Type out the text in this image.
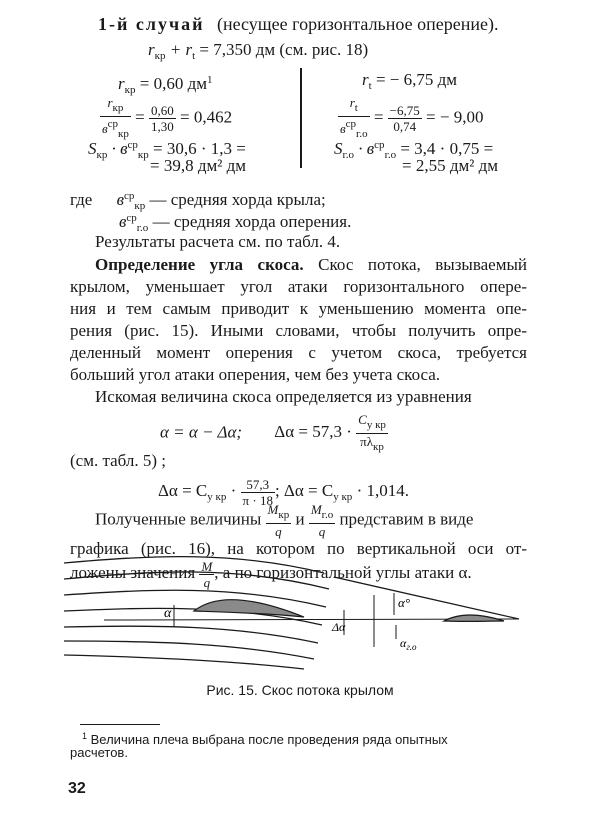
1-й случай (несущее горизонтальное оперение).
$r_{кр} + r_t = 7,350$ дм (см. рис. 18)
$r_{кр} = 0,60$ $дм^1$
$\frac{r_{кр}}{в^{ср}_{кр}} = \frac{0,60}{1,30} = 0,462$
$S_{кр} \cdot в^{ср}_{кр} = 30,6 \cdot 1,3$ =
= 39,8 дм² дм
$r_t$ = − 6,75 дм
$\frac{r_t}{в^{ср}_{г.о}} = \frac{-6,75}{0,74}$ = − 9,00
$S_{г.о} \cdot в^{ср}_{г.о} = 3,4 \cdot 0,75$ =
= 2,55 дм² дм
где $в^{ср}_{кр}$ — средняя хорда крыла;
$в^{ср}_{г.о}$ — средняя хорда оперения.
Результаты расчета см. по табл. 4.
Определение угла скоса. Скос потока, вызываемый
крылом, уменьшает угол атаки горизонтального опере-
ния и тем самым приводит к уменьшению момента опе-
рения (рис. 15). Иными словами, чтобы получить опре-
деленный момент оперения с учетом скоса, требуется
больший угол атаки оперения, чем без учета скоса.
Искомая величина скоса определяется из уравнения
α = α − Δα; $\Delta\alpha = 57,3 \cdot \frac{C_{y кр}}{\pi\lambda_{кр}}$
(см. табл. 5) ;
$\Delta\alpha = C_{y кр} \cdot \frac{57,3}{\pi \cdot 18}$ ; $\Delta\alpha = C_{y кр} \cdot 1,014$.
Полученные величины $\frac{M_{кр}}{q}$ и $\frac{M_{г.о}}{q}$ представим в виде
графика (рис. 16), на котором по вертикальной оси от-
ложены значения $\frac{M}{q}$ , а по горизонтальной углы атаки α.
α
Δα
α°
$\alpha_{г.о}$
Рис. 15. Скос потока крылом
$^1$ Величина плеча выбрана после проведения ряда опытных
расчетов.
32
